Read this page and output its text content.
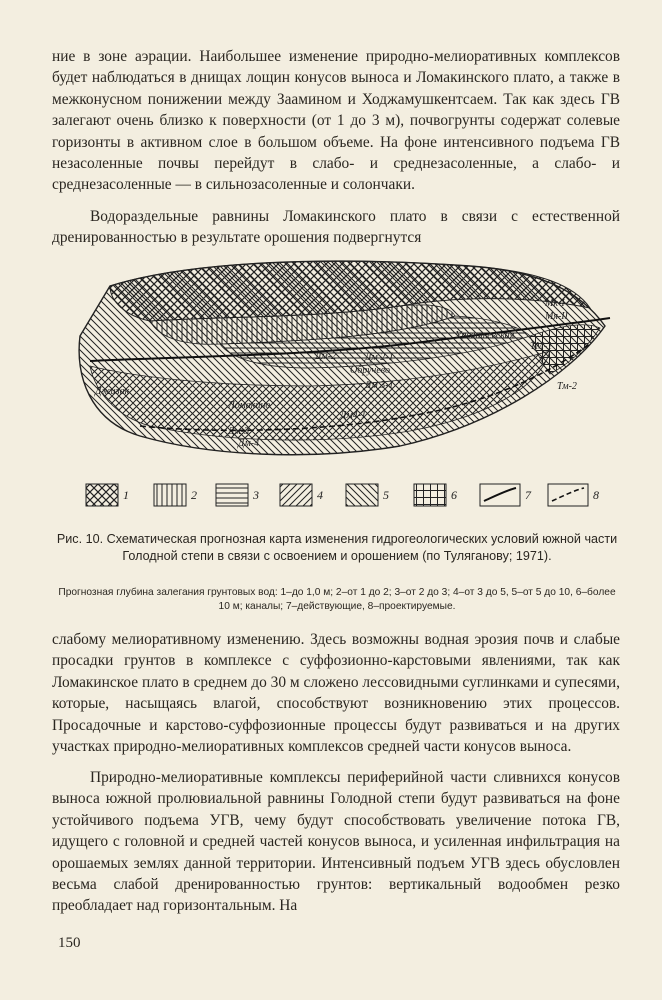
ние в зоне аэрации. Наибольшее изменение природно-мелиоративных комплексов будет наблюдаться в днищах лощин конусов выноса и Ломакинского плато, а также в межконусном понижении между Заамином и Ходжамушкентсаем. Так как здесь ГВ залегают очень близко к поверхности (от 1 до 3 м), почвогрунты содержат солевые горизонты в активном слое в большом объеме. На фоне интенсивного подъема ГВ незасоленные почвы перейдут в слабо- и среднезасоленные, а слабо- и среднезасоленные — в сильнозасоленные и солончаки.

Водораздельные равнины Ломакинского плато в связи с естественной дренированностью в результате орошения подвергнутся

Мк-I
Мя-II
Урсатьевская
ТМ-1
Тм-2
Дм-2	Дм 2-1
Обручево
Дм 3-1
Джизак
Ломакино
Дм4-1
Дм-3
Дм-4
1	2	3	4	5	6	7	8

Рис. 10. Схематическая прогнозная карта изменения гидрогеологических условий южной части Голодной степи в связи с освоением и орошением (по Туляганову; 1971).

Прогнозная глубина залегания грунтовых вод: 1–до 1,0 м; 2–от 1 до 2; 3–от 2 до 3; 4–от 3 до 5, 5–от 5 до 10, 6–более 10 м; каналы; 7–действующие, 8–проектируемые.

слабому мелиоративному изменению. Здесь возможны водная эрозия почв и слабые просадки грунтов в комплексе с суффозионно-карстовыми явлениями, так как Ломакинское плато в среднем до 30 м сложено лессовидными суглинками и супесями, которые, насыщаясь влагой, способствуют возникновению этих процессов. Просадочные и карстово-суффозионные процессы будут развиваться и на других участках природно-мелиоративных комплексов средней части конусов выноса.

Природно-мелиоративные комплексы периферийной части сливнихся конусов выноса южной пролювиальной равнины Голодной степи будут развиваться на фоне устойчивого подъема УГВ, чему будут способствовать увеличение потока ГВ, идущего с головной и средней частей конусов выноса, и усиленная инфильтрация на орошаемых землях данной территории. Интенсивный подъем УГВ здесь обусловлен весьма слабой дренированностью грунтов: вертикальный водообмен резко преобладает над горизонтальным. На

150
